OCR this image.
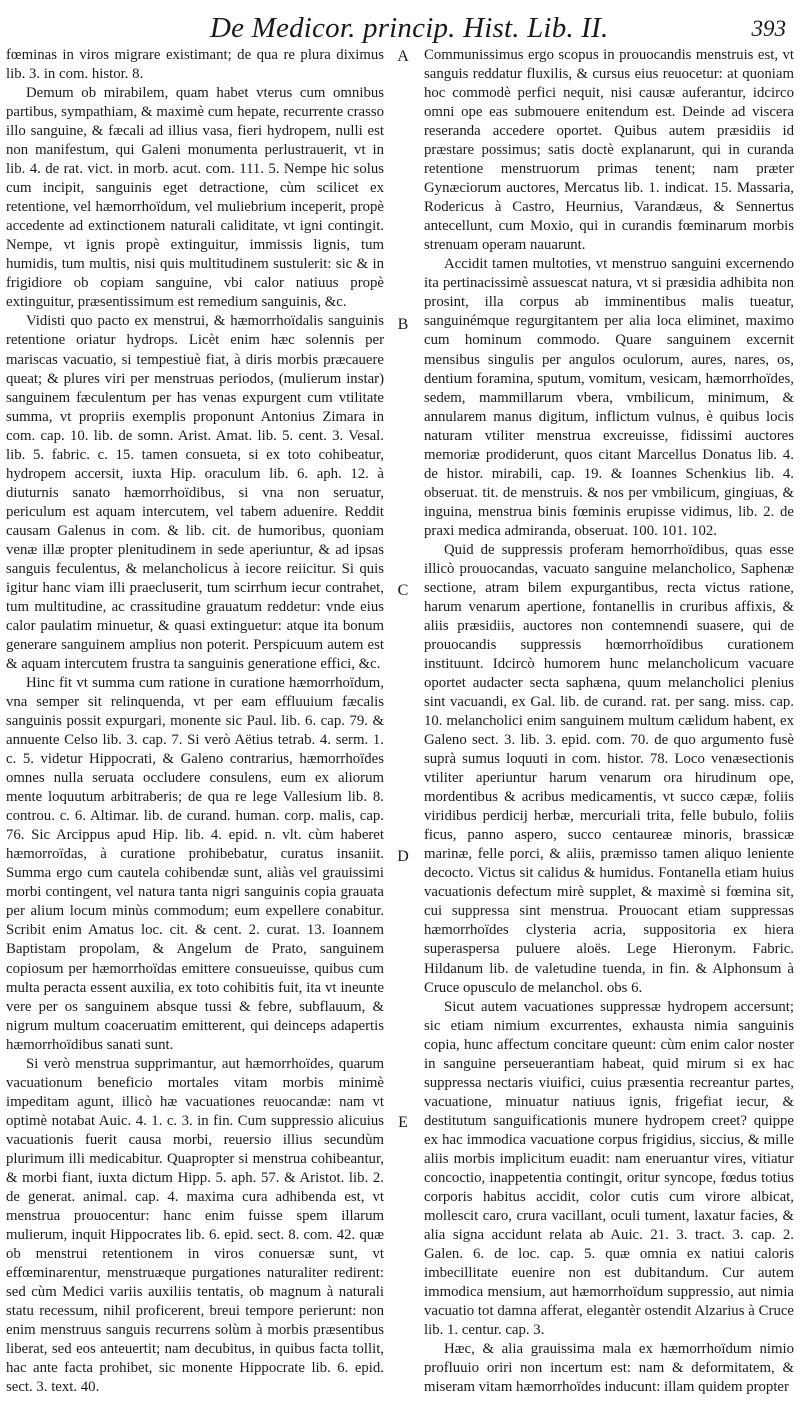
De Medicor. princip. Hist. Lib. II.	393
A
B
C
D
E

fœminas in viros migrare existimant; de qua re plura diximus lib. 3. in com. histor. 8.

Demum ob mirabilem, quam habet vterus cum omnibus partibus, sympathiam, & maximè cum hepate, recurrente crasso illo sanguine, & fæcali ad illius vasa, fieri hydropem, nulli est non manifestum, qui Galeni monumenta perlustrauerit, vt in lib. 4. de rat. vict. in morb. acut. com. 111. 5. Nempe hic solus cum incipit, sanguinis eget detractione, cùm scilicet ex retentione, vel hæmorrhoïdum, vel muliebrium inceperit, propè accedente ad extinctionem naturali caliditate, vt igni contingit. Nempe, vt ignis propè extinguitur, immissis lignis, tum humidis, tum multis, nisi quis multitudinem sustulerit: sic & in frigidiore ob copiam sanguine, vbi calor natiuus propè extinguitur, præsentissimum est remedium sanguinis, &c.

Vidisti quo pacto ex menstrui, & hæmorrhoïdalis sanguinis retentione oriatur hydrops. Licèt enim hæc solennis per mariscas vacuatio, si tempestiuè fiat, à diris morbis præcauere queat; & plures viri per menstruas periodos, (mulierum instar) sanguinem fæculentum per has venas expurgent cum vtilitate summa, vt propriis exemplis proponunt Antonius Zimara in com. cap. 10. lib. de somn. Arist. Amat. lib. 5. cent. 3. Vesal. lib. 5. fabric. c. 15. tamen consueta, si ex toto cohibeatur, hydropem accersit, iuxta Hip. oraculum lib. 6. aph. 12. à diuturnis sanato hæmorrhoïdibus, si vna non seruatur, periculum est aquam intercutem, vel tabem aduenire. Reddit causam Galenus in com. & lib. cit. de humoribus, quoniam venæ illæ propter plenitudinem in sede aperiuntur, & ad ipsas sanguis feculentus, & melancholicus à iecore reiicitur. Si quis igitur hanc viam illi praecluserit, tum scirrhum iecur contrahet, tum multitudine, ac crassitudine grauatum reddetur: vnde eius calor paulatim minuetur, & quasi extinguetur: atque ita bonum generare sanguinem amplius non poterit. Perspicuum autem est & aquam intercutem frustra ta sanguinis generatione effici, &c.

Hinc fit vt summa cum ratione in curatione hæmorrhoïdum, vna semper sit relinquenda, vt per eam effluuium fæcalis sanguinis possit expurgari, monente sic Paul. lib. 6. cap. 79. & annuente Celso lib. 3. cap. 7. Si verò Aëtius tetrab. 4. serm. 1. c. 5. videtur Hippocrati, & Galeno contrarius, hæmorrhoïdes omnes nulla seruata occludere consulens, eum ex aliorum mente loquutum arbitraberis; de qua re lege Vallesium lib. 8. controu. c. 6. Altimar. lib. de curand. human. corp. malis, cap. 76. Sic Arcippus apud Hip. lib. 4. epid. n. vlt. cùm haberet hæmorroïdas, à curatione prohibebatur, curatus insaniit. Summa ergo cum cautela cohibendæ sunt, aliàs vel grauissimi morbi contingent, vel natura tanta nigri sanguinis copia grauata per alium locum minùs commodum; eum expellere conabitur. Scribit enim Amatus loc. cit. & cent. 2. curat. 13. Ioannem Baptistam propolam, & Angelum de Prato, sanguinem copiosum per hæmorrhoïdas emittere consueuisse, quibus cum multa peracta essent auxilia, ex toto cohibitis fuit, ita vt ineunte vere per os sanguinem absque tussi & febre, subflauum, & nigrum multum coaceruatim emitterent, qui deinceps adapertis hæmorrhoïdibus sanati sunt.

Si verò menstrua supprimantur, aut hæmorrhoïdes, quarum vacuationum beneficio mortales vitam morbis minimè impeditam agunt, illicò hæ vacuationes reuocandæ: nam vt optimè notabat Auic. 4. 1. c. 3. in fin. Cum suppressio alicuius vacuationis fuerit causa morbi, reuersio illius secundùm plurimum illi medicabitur. Quapropter si menstrua cohibeantur, & morbi fiant, iuxta dictum Hipp. 5. aph. 57. & Aristot. lib. 2. de generat. animal. cap. 4. maxima cura adhibenda est, vt menstrua prouocentur: hanc enim fuisse spem illarum mulierum, inquit Hippocrates lib. 6. epid. sect. 8. com. 42. quæ ob menstrui retentionem in viros conuersæ sunt, vt effœminarentur, menstruæque purgationes naturaliter redirent: sed cùm Medici variis auxiliis tentatis, ob magnum à naturali statu recessum, nihil proficerent, breui tempore perierunt: non enim menstruus sanguis recurrens solùm à morbis præsentibus liberat, sed eos anteuertit; nam decubitus, in quibus facta tollit, hac ante facta prohibet, sic monente Hippocrate lib. 6. epid. sect. 3. text. 40.

Communissimus ergo scopus in prouocandis menstruis est, vt sanguis reddatur fluxilis, & cursus eius reuocetur: at quoniam hoc commodè perfici nequit, nisi causæ auferantur, idcirco omni ope eas submouere enitendum est. Deinde ad viscera reseranda accedere oportet. Quibus autem præsidiis id præstare possimus; satis doctè explanarunt, qui in curanda retentione menstruorum primas tenent; nam præter Gynæciorum auctores, Mercatus lib. 1. indicat. 15. Massaria, Rodericus à Castro, Heurnius, Varandæus, & Sennertus antecellunt, cum Moxio, qui in curandis fœminarum morbis strenuam operam nauarunt.

Accidit tamen multoties, vt menstruo sanguini excernendo ita pertinacissimè assuescat natura, vt si præsidia adhibita non prosint, illa corpus ab imminentibus malis tueatur, sanguinémque regurgitantem per alia loca eliminet, maximo cum hominum commodo. Quare sanguinem excernit mensibus singulis per angulos oculorum, aures, nares, os, dentium foramina, sputum, vomitum, vesicam, hæmorrhoïdes, sedem, mammillarum vbera, vmbilicum, minimum, & annularem manus digitum, inflictum vulnus, è quibus locis naturam vtiliter menstrua excreuisse, fidissimi auctores memoriæ prodiderunt, quos citant Marcellus Donatus lib. 4. de histor. mirabili, cap. 19. & Ioannes Schenkius lib. 4. obseruat. tit. de menstruis. & nos per vmbilicum, gingiuas, & inguina, menstrua binis fœminis erupisse vidimus, lib. 2. de praxi medica admiranda, obseruat. 100. 101. 102.

Quid de suppressis proferam hemorrhoïdibus, quas esse illicò prouocandas, vacuato sanguine melancholico, Saphenæ sectione, atram bilem expurgantibus, recta victus ratione, harum venarum apertione, fontanellis in cruribus affixis, & aliis præsidiis, auctores non contemnendi suasere, qui de prouocandis suppressis hœmorrhoïdibus curationem instituunt. Idcircò humorem hunc melancholicum vacuare oportet audacter secta saphæna, quum melancholici plenius sint vacuandi, ex Gal. lib. de curand. rat. per sang. miss. cap. 10. melancholici enim sanguinem multum cælidum habent, ex Galeno sect. 3. lib. 3. epid. com. 70. de quo argumento fusè suprà sumus loquuti in com. histor. 78. Loco venæsectionis vtiliter aperiuntur harum venarum ora hirudinum ope, mordentibus & acribus medicamentis, vt succo cæpæ, foliis viridibus perdicij herbæ, mercuriali trita, felle bubulo, foliis ficus, panno aspero, succo centaureæ minoris, brassicæ marinæ, felle porci, & aliis, præmisso tamen aliquo leniente decocto. Victus sit calidus & humidus. Fontanella etiam huius vacuationis defectum mirè supplet, & maximè si fœmina sit, cui suppressa sint menstrua. Prouocant etiam suppressas hæmorrhoïdes clysteria acria, suppositoria ex hiera superaspersa puluere aloës. Lege Hieronym. Fabric. Hildanum lib. de valetudine tuenda, in fin. & Alphonsum à Cruce opusculo de melanchol. obs 6.

Sicut autem vacuationes suppressæ hydropem accersunt; sic etiam nimium excurrentes, exhausta nimia sanguinis copia, hunc affectum concitare queunt: cùm enim calor noster in sanguine perseuerantiam habeat, quid mirum si ex hac suppressa nectaris viuifici, cuius præsentia recreantur partes, vacuatione, minuatur natiuus ignis, frigefiat iecur, & destitutum sanguificationis munere hydropem creet? quippe ex hac immodica vacuatione corpus frigidius, siccius, & mille aliis morbis implicitum euadit: nam eneruantur vires, vitiatur concoctio, inappetentia contingit, oritur syncope, fœdus totius corporis habitus accidit, color cutis cum virore albicat, mollescit caro, crura vacillant, oculi tument, laxatur facies, & alia signa accidunt relata ab Auic. 21. 3. tract. 3. cap. 2. Galen. 6. de loc. cap. 5. quæ omnia ex natiui caloris imbecillitate euenire non est dubitandum. Cur autem immodica mensium, aut hæmorrhoïdum suppressio, aut nimia vacuatio tot damna afferat, elegantèr ostendit Alzarius à Cruce lib. 1. centur. cap. 3.

Hæc, & alia grauissima mala ex hæmorrhoïdum nimio profluuio oriri non incertum est: nam & deformitatem, & miseram vitam hæmorrhoïdes inducunt: illam quidem propter
